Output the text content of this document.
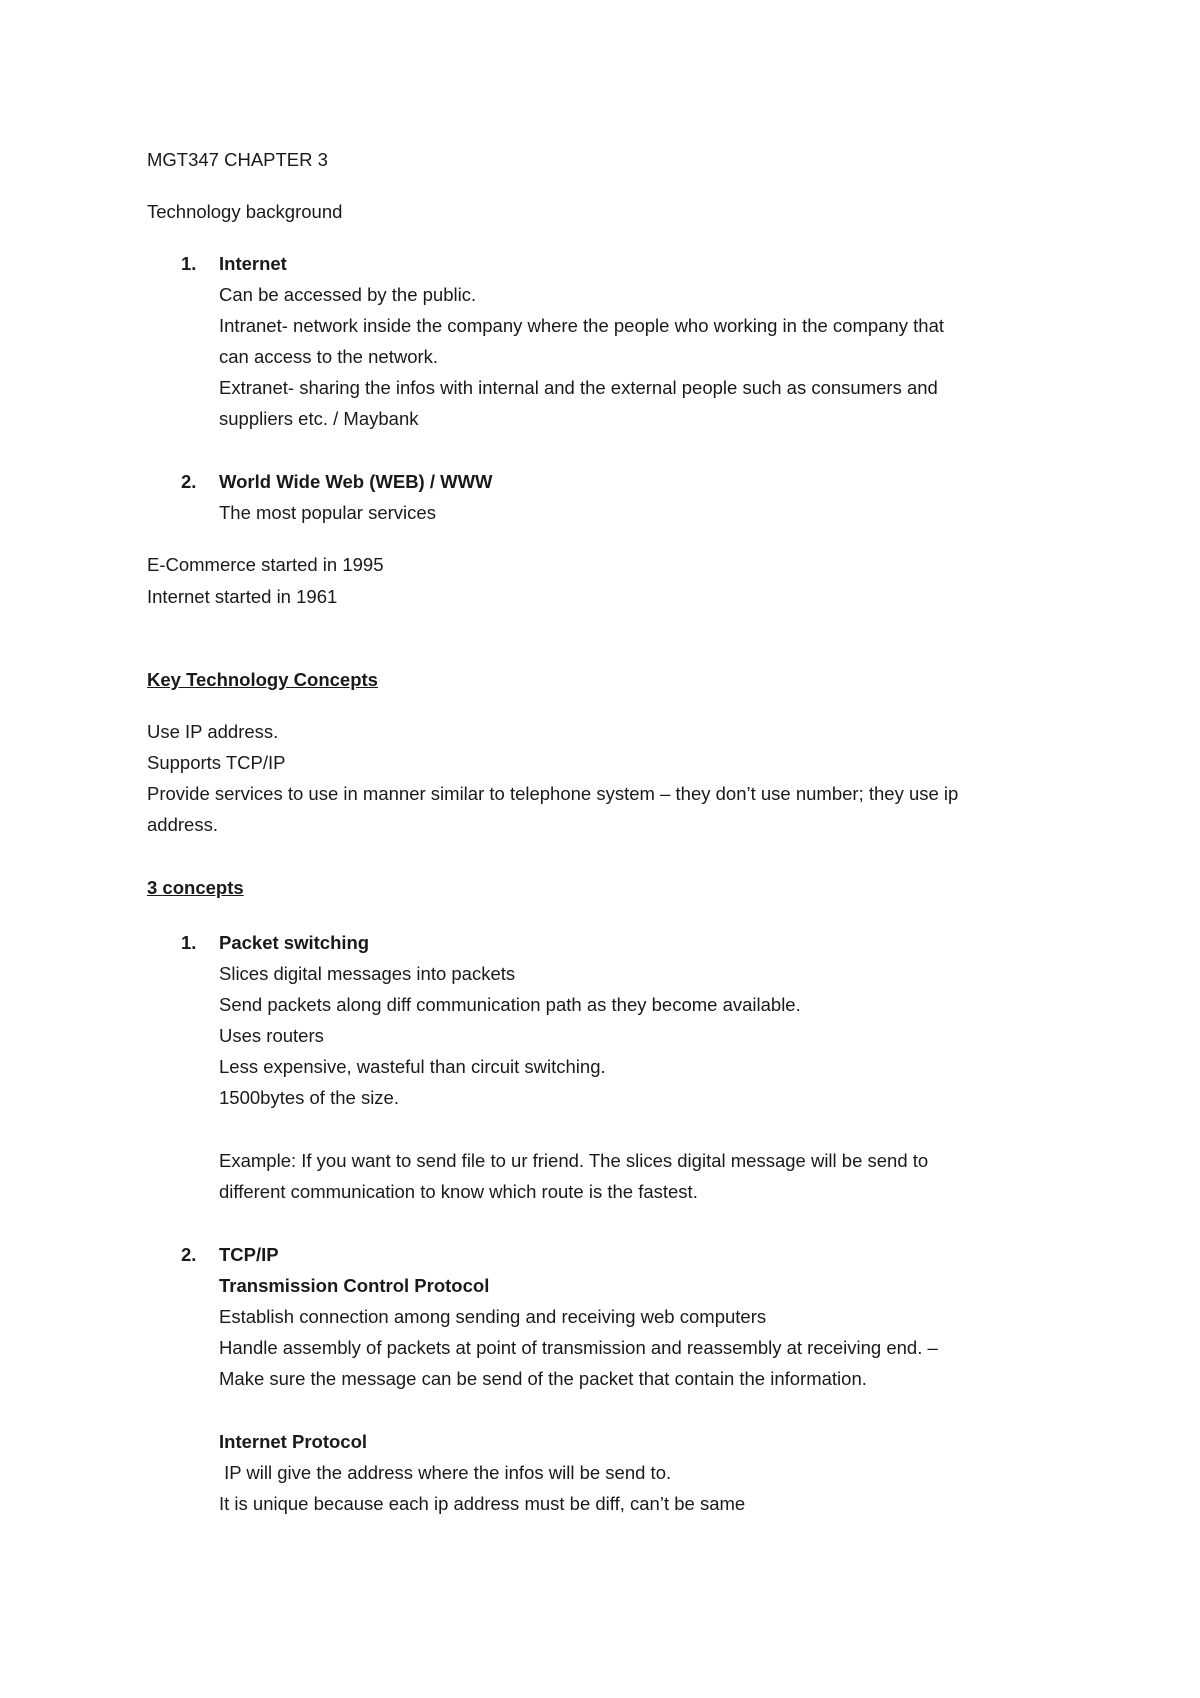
MGT347 CHAPTER 3
Technology background
1. Internet
Can be accessed by the public.
Intranet- network inside the company where the people who working in the company that
can access to the network.
Extranet- sharing the infos with internal and the external people such as consumers and
suppliers etc. / Maybank
2. World Wide Web (WEB) / WWW
The most popular services
E-Commerce started in 1995
Internet started in 1961
Key Technology Concepts
Use IP address.
Supports TCP/IP
Provide services to use in manner similar to telephone system – they don’t use number; they use ip
address.
3 concepts
1. Packet switching
Slices digital messages into packets
Send packets along diff communication path as they become available.
Uses routers
Less expensive, wasteful than circuit switching.
1500bytes of the size.
Example: If you want to send file to ur friend. The slices digital message will be send to
different communication to know which route is the fastest.
2. TCP/IP
Transmission Control Protocol
Establish connection among sending and receiving web computers
Handle assembly of packets at point of transmission and reassembly at receiving end. –
Make sure the message can be send of the packet that contain the information.
Internet Protocol
IP will give the address where the infos will be send to.
It is unique because each ip address must be diff, can’t be same
